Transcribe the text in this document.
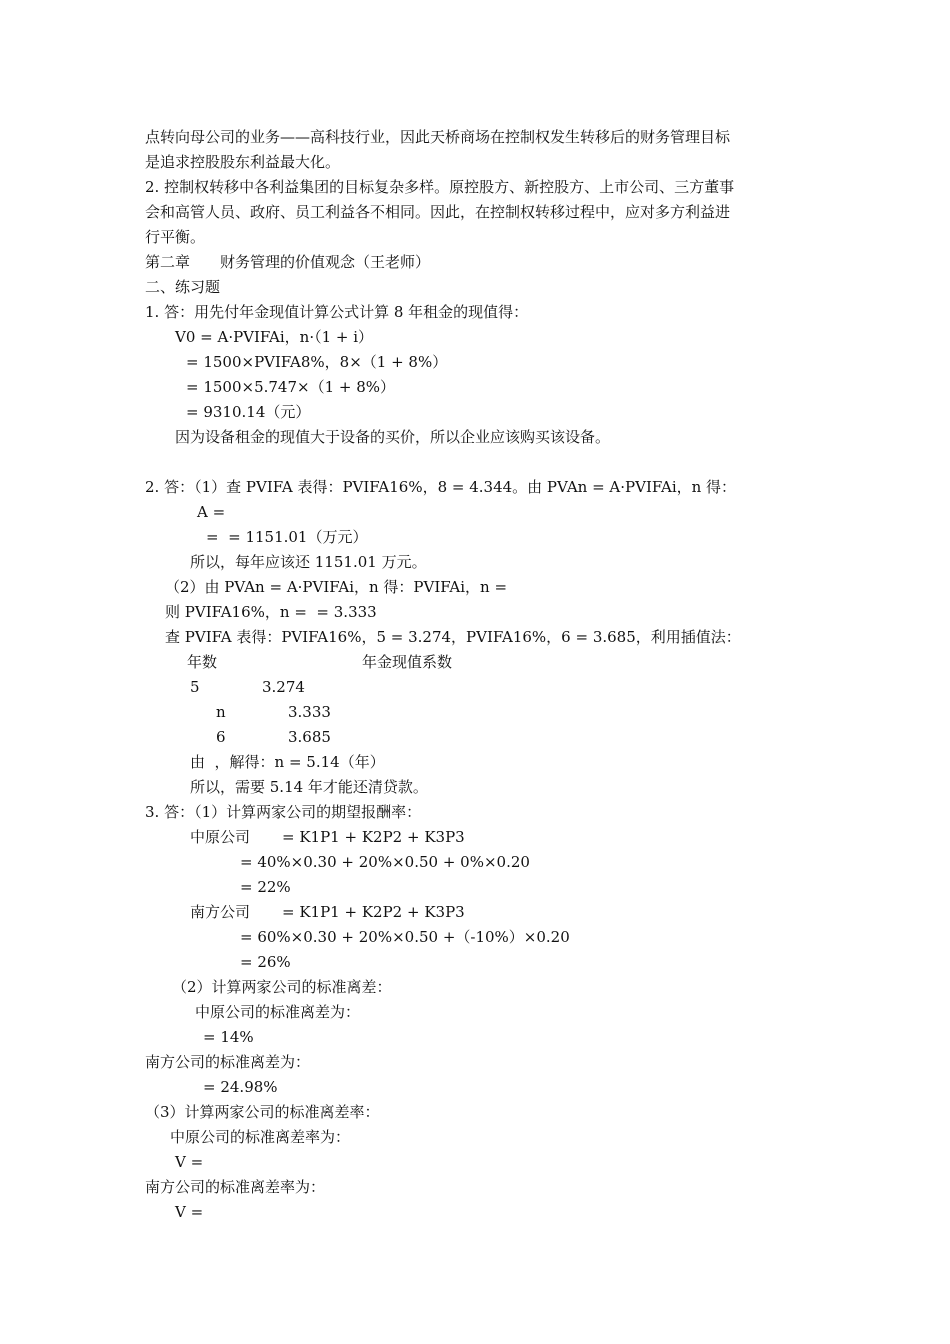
点转向母公司的业务——高科技行业，因此天桥商场在控制权发生转移后的财务管理目标
是追求控股股东利益最大化。
2. 控制权转移中各利益集团的目标复杂多样。原控股方、新控股方、上市公司、三方董事
会和高管人员、政府、员工利益各不相同。因此，在控制权转移过程中，应对多方利益进
行平衡。
第二章　　财务管理的价值观念（王老师）
二、练习题
1. 答：用先付年金现值计算公式计算 8 年租金的现值得：
V0 = A·PVIFAi，n·（1 + i）
= 1500×PVIFA8%，8×（1 + 8%）
= 1500×5.747×（1 + 8%）
= 9310.14（元）
因为设备租金的现值大于设备的买价，所以企业应该购买该设备。
2. 答：（1）查 PVIFA 表得：PVIFA16%，8 = 4.344。由 PVAn = A·PVIFAi，n 得：
A =
=  = 1151.01（万元）
所以，每年应该还 1151.01 万元。
（2）由 PVAn = A·PVIFAi，n 得：PVIFAi，n =
则 PVIFA16%，n =  = 3.333
查 PVIFA 表得：PVIFA16%，5 = 3.274，PVIFA16%，6 = 3.685，利用插值法：
年数	年金现值系数
5	3.274
n	3.333
6	3.685
由  ，解得：n = 5.14（年）
所以，需要 5.14 年才能还清贷款。
3. 答：（1）计算两家公司的期望报酬率：
中原公司 = K1P1 + K2P2 + K3P3
= 40%×0.30 + 20%×0.50 + 0%×0.20
= 22%
南方公司 = K1P1 + K2P2 + K3P3
= 60%×0.30 + 20%×0.50 +（-10%）×0.20
= 26%
（2）计算两家公司的标准离差：
中原公司的标准离差为：
= 14%
南方公司的标准离差为：
= 24.98%
（3）计算两家公司的标准离差率：
中原公司的标准离差率为：
V =
南方公司的标准离差率为：
V =
